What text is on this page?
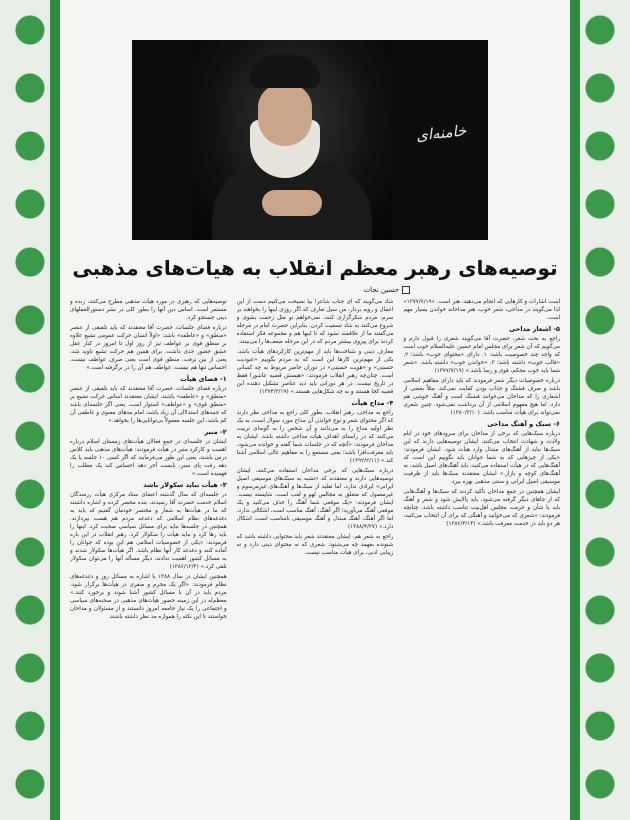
خامنه‌ای
توصیه‌های رهبر معظم انقلاب به هیات‌های مذهبی
حسین نجات

توصیه‌هایی که رهبری در مورد هیأت مذهبی مطرح می‌کنند، زنده و مستمر است. اساس دین آنها را بطور کلی در نشر دستورالعملهای دینی جستجو کرد.

درباره فضای جلسات، حضرت آقا معتقدند که باید تلفیقی از عنصر «منطق» و «عاطفه» باشد: «اولاً انسان حرکت عمومی تشیع علاوه بر منطق قوی بر عواطف نیز از روز اول تا امروز در کنار عقل عشق حضور جدی داشت. برای همین هم حرکت تشیع تاوید شد، یعنی از بین نرفت. منطق قوی است یعنی صرف عواطف نیست، احساس تنها هم نیست، عواطف هم آن را در برگرفته است.»

۱- فضای هیأت

درباره فضای جلسات، حضرت آقا معتقدند که باید تلفیقی از عنصر «منطق» و «عاطفه» باشند. ایشان معتقدند اساس حرکت تشیع بر «منطق قوی» و «عواطف» استوار است. یعنی اگر جلسه‌ای باشد که جنبه‌های استدلالی آن زیاد باشد، امام مدهای معنوی و عاطفی آن کم باشد، این جلسه معمولاً بی‌توانایی‌ها را بخواهد.»

۲- منبر

ایشان در جلسه‌ای در جمع فعالان هیأت‌های زمستان اسلام درباره اهمیت و کارکرد منبر در هیأت فرمودند: هیأت‌های مذهبی باید کلاس درس باشند، یعنی این طور می‌فرمایند که اگر کسی ۱۰ جلسه یا یک دهه رفت پای منبر، بایست آخر دهه احساس کند یک مطلب را فهمیده است.»

۳- هیأت نباید سکولار باشد

در جلسه‌ای که سال گذشته اعضای ستاد مرکزی هیأت رزمندگان اسلام خدمت حضرت آقا رسیدند، بنده محضر کرده و اشاره داشتند که ما در هیأت‌ها به شعار و مختصر خودمان گفتیم که باید به دغدغه‌های نظام اسلامی که دغدغه مردم هم هست بپردازند. همچنین در جلسه‌ها نباید برای مسائل سیاسی صحبت کرد. اینها را باید رها کرد و نباید هیأت را سکولار کرد. رهبر انقلاب در این باره فرمودند: «یکی از خصوصیات اسلامی هم این بوده که جوانان را آماده کنند و دغدغه کار آنها نظام باشد. اگر هیأت‌ها سکولار شدند و به مسائل کشور اهمیت ندادند، دیگر مسأله آنها را می‌توان سکولار تلقی کرد.» (۱۳۸۶/۱۲/۴)

همچنین ایشان در سال ۱۳۸۸ با اشاره به مسائل روز و دغدغه‌های نظام فرمودند: «اگر یک محرم و صفری در هیأت‌ها برگزار شود، مردم باید در آن با مسائل کشور آشنا شوند و برخورد کنند.» معظم‌له در این زمینه حضور هیأت‌های مذهبی در صحنه‌های سیاسی و اجتماعی را یک نیاز جامعه امروز دانستند و از مسئولان و مداحان خواستند تا این نکته را همواره مد نظر داشته باشند.

شاد می‌گویند که ای جناب شاعر! بیا نصیحت می‌کنیم دست از این اعمال و رویه بردار، من سیل تعارف که اگر روزی اینها را بخواهند بر سرم، مردم شکرگزاری کنند، نمی‌خواهم تو مثل زحمت بشوی و شروع می‌کنند به شاد تسمیت کردن. بنابراین حضرت امام در مرحله می‌گفتند ما از علاقمند نشود که تا اینها هم و مجموعه فکر استفاده کردند برای پیروی بیشتر مردم که در این مرحله ضعف‌ها را می‌بینند.

معارف دینی و شناخت‌ها باید از مهم‌ترین کارکردهای هیأت باشد. یکی از مهم‌ترین کارها این است که به مردم بگوییم «عبودیت حسینی» و «هویت حسینی» در دوران حاضر مربوط به چه کسانی است. چنان‌چه رهبر انقلاب فرمودند: «هیمنش قضیه عاشورا فقط در تاریخ نیست. در هر دورانی باید دید عناصر تشکیل دهنده این قضیه کجا هستند و به چه شکل‌هایی هستند.» (۱۳۷۴/۳/۱۹)

۴- مداح هیأت

راجع به مداحی، رهبر انقلاب، بطور کلی راجع به مداحی نظر دارند که اگر محتوای شعر و نوع خواندن آن مداح مورد سوال است، به یک نظر اولیه مداح را بد می‌دانند و آن شخص را به گونه‌ای تربیت می‌کنند که در راستای اهداف هیأت مداحی داشته باشد. ایشان به مداحان فرمودند: «آنچه که در جلسات شما گفته و خوانده می‌شود، باید معرفت‌افزا باشد؛ یعنی مستمع را به مفاهیم عالی اسلامی آشنا کند.» (۱۳۹۲/۲/۱۱)

درباره سبک‌هایی که برخی مداحان استفاده می‌کنند، ایشان توصیه‌هایی دارند و معتقدند که «تشبه به سبک‌های موسیقی اصیل ایرانی» ایرادی ندارد، اما تقلید از سبک‌ها و آهنگ‌های غیرمرسوم و غیرمعمول که متعلق به مجالس لهو و لعب است، شایسته نیست. ایشان فرمودند: «یک موقعی شما آهنگ را حذف می‌کنید و یک موقعی آهنگ می‌آورید؛ اگر آهنگ، آهنگ مناسب است، اشکالی ندارد، اما اگر آهنگ، آهنگ مبتذل و آهنگ موسیقی نامناسب است، اشکال دارد.» (۱۳۸۸/۴/۲۷)

راجع به شعر هم، ایشان معتقدند شعر باید محتوایی داشته باشد که شنونده بفهمد چه می‌شنود. شعری که نه محتوای دینی دارد و نه زیبایی ادبی، برای هیأت مناسب نیست.

است اشارات و کارهایی که انجام می‌دهید، هنر است. «۱۳۷۷/۷/۱۹» لذا می‌گویند در مداحی، شعر خوب، هنر مداحانه خواندن بسیار مهم است.

۵- اشعار مداحی

راجع به بحث شعر، حضرت آقا می‌گویند شعری را قبول دارم و می‌گویم که آن شعر برای مجلس امام حسین علیه‌السلام خوب است که واجد چند خصوصیت باشد: ۱. دارای «محتوای خوب» باشد؛ ۲. «قالب خوب» داشته باشد؛ ۳. «خواندن خوب» داشته باشد. «شعر شما باید خوب محکم، قوی و رسا باشد.» (۱۳۷۷/۷/۱۹)

درباره خصوصیات دیگر شعر فرمودند که باید دارای مفاهیم اسلامی باشد و صرف قشنگ و جذاب بودن کفایت نمی‌کند. مثلاً بعضی از اشعاری را که مداحان می‌خوانند قشنگ است و آهنگ خوشی هم دارد، اما هیچ مفهوم اسلامی از آن برداشت نمی‌شود. چنین شعری نمی‌تواند برای هیأت مناسب باشد. (۱۳۸۰/۳/۱۰)

۶- سبک و آهنگ مداحی

درباره سبک‌هایی که برخی از مداحان برای سرودهای خود در ایام ولادت و شهادت انتخاب می‌کنند، ایشان توصیه‌هایی دارند که این سبک‌ها نباید از آهنگ‌های مبتذل وارد هیأت شود. ایشان فرمودند: «یکی از چیزهایی که به شما جوانان باید بگوییم این است که آهنگ‌هایی که در هیأت استفاده می‌کنید، باید آهنگ‌های اصیل باشد، نه آهنگ‌های کوچه و بازار.» ایشان معتقدند سبک‌ها باید از ظرفیت موسیقی اصیل ایرانی و سنتی مذهبی بهره ببرد.

ایشان همچنین در جمع مداحان تأکید کردند که سبک‌ها و آهنگ‌هایی که از جاهای دیگر گرفته می‌شود، باید پالایش شود و شعر و آهنگ باید با شأن و حرمت مجلس اهل‌بیت تناسب داشته باشد. چنانچه فرمودند: «شعری که می‌خوانید و آهنگی که برای آن انتخاب می‌کنید، هر دو باید در خدمت معرفت باشد.» (۱۳۸۶/۴/۱۴)
